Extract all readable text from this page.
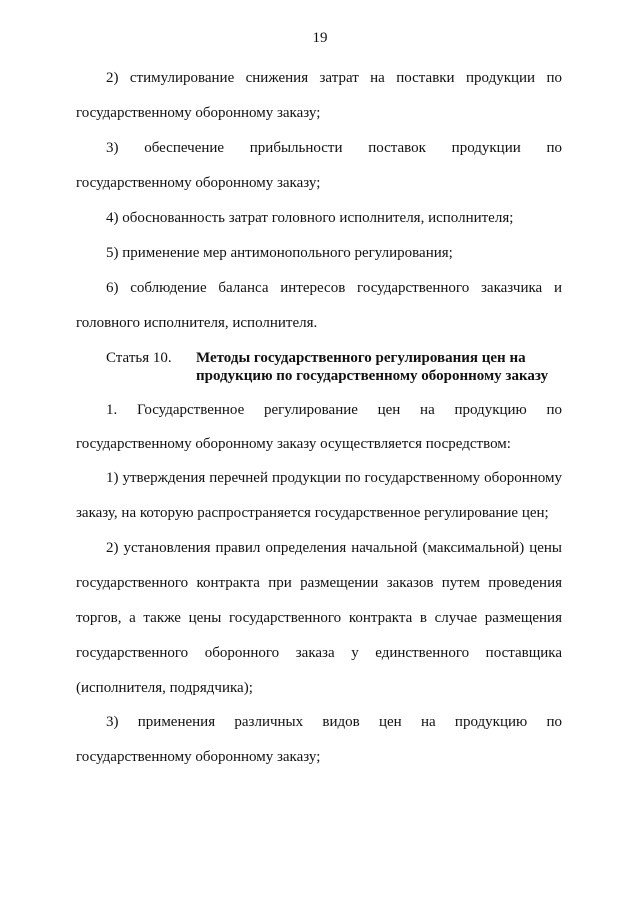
19
2) стимулирование снижения затрат на поставки продукции по
государственному оборонному заказу;
3) обеспечение прибыльности поставок продукции по
государственному оборонному заказу;
4) обоснованность затрат головного исполнителя, исполнителя;
5) применение мер антимонопольного регулирования;
6) соблюдение баланса интересов государственного заказчика и
головного исполнителя, исполнителя.
Статья 10. Методы государственного регулирования цен на
продукцию по государственному оборонному заказу
1. Государственное регулирование цен на продукцию по
государственному оборонному заказу осуществляется посредством:
1) утверждения перечней продукции по государственному оборонному
заказу, на которую распространяется государственное регулирование цен;
2) установления правил определения начальной (максимальной) цены
государственного контракта при размещении заказов путем проведения
торгов, а также цены государственного контракта в случае размещения
государственного оборонного заказа у единственного поставщика
(исполнителя, подрядчика);
3) применения различных видов цен на продукцию по
государственному оборонному заказу;
